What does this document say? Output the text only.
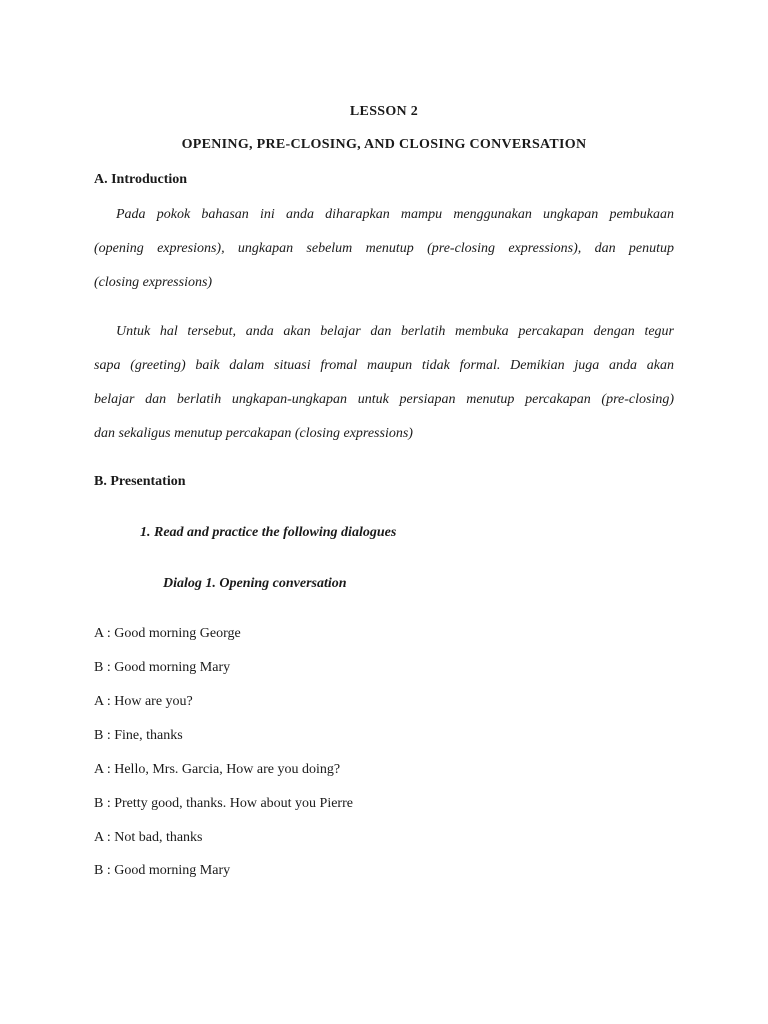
LESSON 2
OPENING, PRE-CLOSING, AND CLOSING CONVERSATION
A. Introduction
Pada pokok bahasan ini anda diharapkan mampu menggunakan ungkapan pembukaan
(opening expresions), ungkapan sebelum menutup (pre-closing expressions), dan penutup
(closing expressions)
Untuk hal tersebut, anda akan belajar dan berlatih membuka percakapan dengan tegur
sapa (greeting) baik dalam situasi fromal maupun tidak formal. Demikian juga anda akan
belajar dan berlatih ungkapan-ungkapan untuk persiapan menutup percakapan (pre-closing)
dan sekaligus menutup percakapan (closing expressions)
B. Presentation
1. Read and practice the following dialogues
Dialog 1. Opening conversation
A : Good morning George
B : Good morning Mary
A : How are you?
B : Fine, thanks
A : Hello, Mrs. Garcia, How are you doing?
B : Pretty good, thanks. How about you Pierre
A : Not bad, thanks
B : Good morning Mary
